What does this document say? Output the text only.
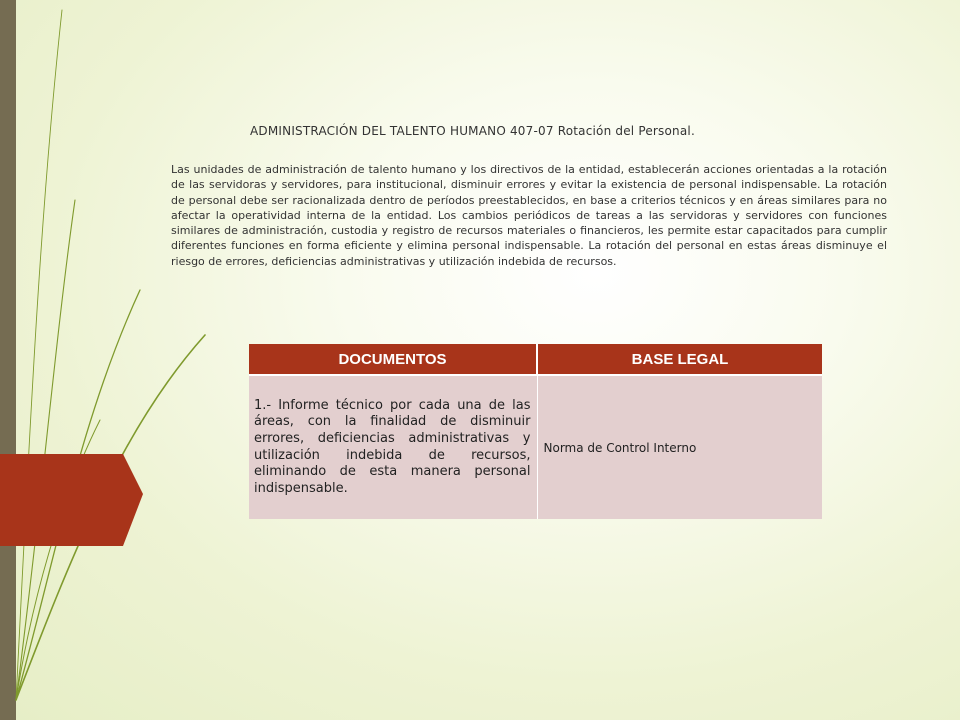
ADMINISTRACIÓN DEL TALENTO HUMANO 407-07 Rotación del Personal.
Las unidades de administración de talento humano y los directivos de la entidad, establecerán acciones orientadas a la rotación de las servidoras y servidores, para institucional, disminuir errores y evitar la existencia de personal indispensable. La rotación de personal debe ser racionalizada dentro de períodos preestablecidos, en base a criterios técnicos y en áreas similares para no afectar la operatividad interna de la entidad. Los cambios periódicos de tareas a las servidoras y servidores con funciones similares de administración, custodia y registro de recursos materiales o financieros, les permite estar capacitados para cumplir diferentes funciones en forma eficiente y elimina personal indispensable. La rotación del personal en estas áreas disminuye el riesgo de errores, deficiencias administrativas y utilización indebida de recursos.
DOCUMENTOS	BASE LEGAL

1.- Informe técnico por cada una de las áreas, con la finalidad de disminuir errores, deficiencias administrativas y utilización indebida de recursos, eliminando de esta manera personal indispensable.	Norma de Control Interno
